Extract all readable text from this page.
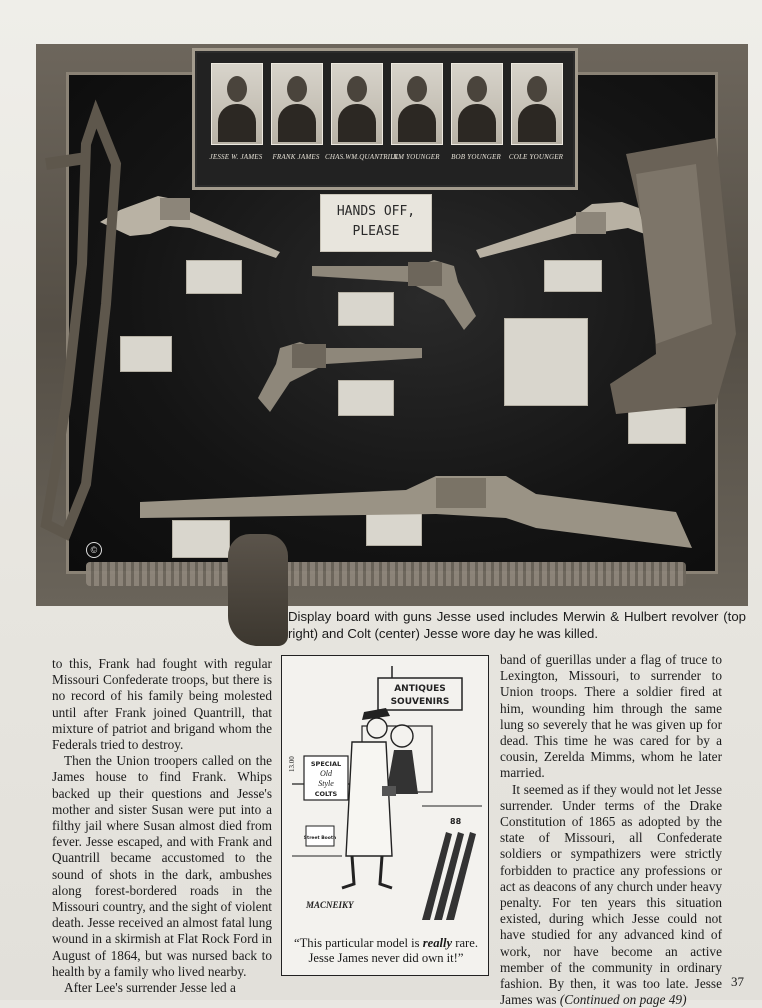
JESSE W. JAMES	FRANK JAMES CHAS.WM.QUANTRILL
JIM YOUNGER	BOB YOUNGER	COLE YOUNGER
HANDS OFF,
PLEASE
©
Display board with guns Jesse used includes Merwin & Hulbert revolver (top right) and Colt (center) Jesse wore day he was killed.

to this, Frank had fought with regular Missouri Confederate troops, but there is no record of his family being molested until after Frank joined Quantrill, that mixture of patriot and brigand whom the Federals tried to destroy.

Then the Union troopers called on the James house to find Frank. Whips backed up their questions and Jesse's mother and sister Susan were put into a filthy jail where Susan almost died from fever. Jesse escaped, and with Frank and Quantrill became accustomed to the sound of shots in the dark, ambushes along forest-bordered roads in the Missouri country, and the sight of violent death. Jesse received an almost fatal lung wound in a skirmish at Flat Rock Ford in August of 1864, but was nursed back to health by a family who lived nearby.

After Lee's surrender Jesse led a

ANTIQUES
SOUVENIRS
SPECIAL
Old
Style
COLTS
13.00
Street Booth
88
MACNEIKY
“This particular model is really rare. Jesse James never did own it!”

band of guerillas under a flag of truce to Lexington, Missouri, to surrender to Union troops. There a soldier fired at him, wounding him through the same lung so severely that he was given up for dead. This time he was cared for by a cousin, Zerelda Mimms, whom he later married.

It seemed as if they would not let Jesse surrender. Under terms of the Drake Constitution of 1865 as adopted by the state of Missouri, all Confederate soldiers or sympathizers were strictly forbidden to practice any professions or act as deacons of any church under heavy penalty. For ten years this situation existed, during which Jesse could not have studied for any advanced kind of work, nor have become an active member of the community in ordinary fashion. By then, it was too late. Jesse James was (Continued on page 49)

37
